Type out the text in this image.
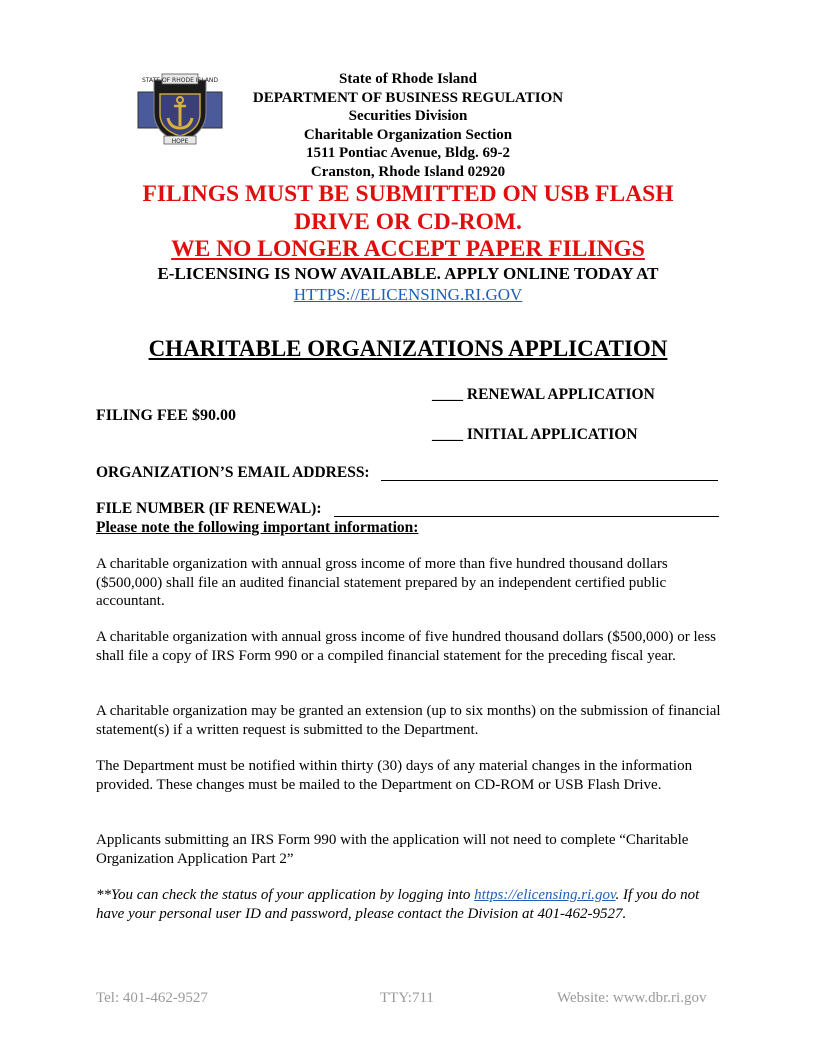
STATE OF RHODE ISLAND
HOPE
State of Rhode Island
DEPARTMENT OF BUSINESS REGULATION
Securities Division
Charitable Organization Section
1511 Pontiac Avenue, Bldg. 69-2
Cranston, Rhode Island 02920
FILINGS MUST BE SUBMITTED ON USB FLASH
DRIVE OR CD-ROM.
WE NO LONGER ACCEPT PAPER FILINGS
E-LICENSING IS NOW AVAILABLE. APPLY ONLINE TODAY AT
HTTPS://ELICENSING.RI.GOV
CHARITABLE ORGANIZATIONS APPLICATION
____ RENEWAL APPLICATION
FILING FEE $90.00
____ INITIAL APPLICATION
ORGANIZATION’S EMAIL ADDRESS:
FILE NUMBER (IF RENEWAL):
Please note the following important information:
A charitable organization with annual gross income of more than five hundred thousand dollars ($500,000) shall file an audited financial statement prepared by an independent certified public accountant.
A charitable organization with annual gross income of five hundred thousand dollars ($500,000) or less shall file a copy of IRS Form 990 or a compiled financial statement for the preceding fiscal year.
A charitable organization may be granted an extension (up to six months) on the submission of financial statement(s) if a written request is submitted to the Department.
The Department must be notified within thirty (30) days of any material changes in the information provided. These changes must be mailed to the Department on CD-ROM or USB Flash Drive.
Applicants submitting an IRS Form 990 with the application will not need to complete “Charitable Organization Application Part 2”
**You can check the status of your application by logging into https://elicensing.ri.gov. If you do not have your personal user ID and password, please contact the Division at 401-462-9527.
Tel: 401-462-9527	TTY:711	Website: www.dbr.ri.gov
